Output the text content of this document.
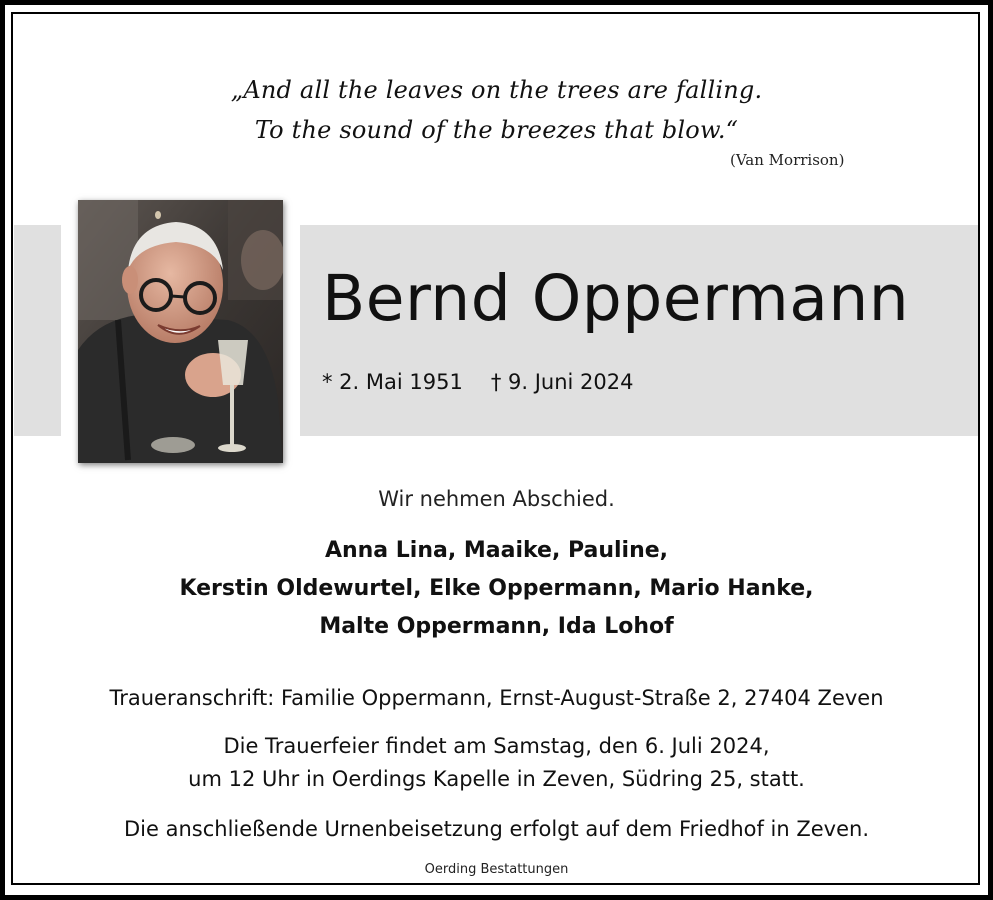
„And all the leaves on the trees are falling.
To the sound of the breezes that blow.“
(Van Morrison)
Bernd Oppermann
* 2. Mai 1951 † 9. Juni 2024
Wir nehmen Abschied.
Anna Lina, Maaike, Pauline,
Kerstin Oldewurtel, Elke Oppermann, Mario Hanke,
Malte Oppermann, Ida Lohof
Traueranschrift: Familie Oppermann, Ernst-August-Straße 2, 27404 Zeven
Die Trauerfeier findet am Samstag, den 6. Juli 2024,
um 12 Uhr in Oerdings Kapelle in Zeven, Südring 25, statt.
Die anschließende Urnenbeisetzung erfolgt auf dem Friedhof in Zeven.
Oerding Bestattungen
